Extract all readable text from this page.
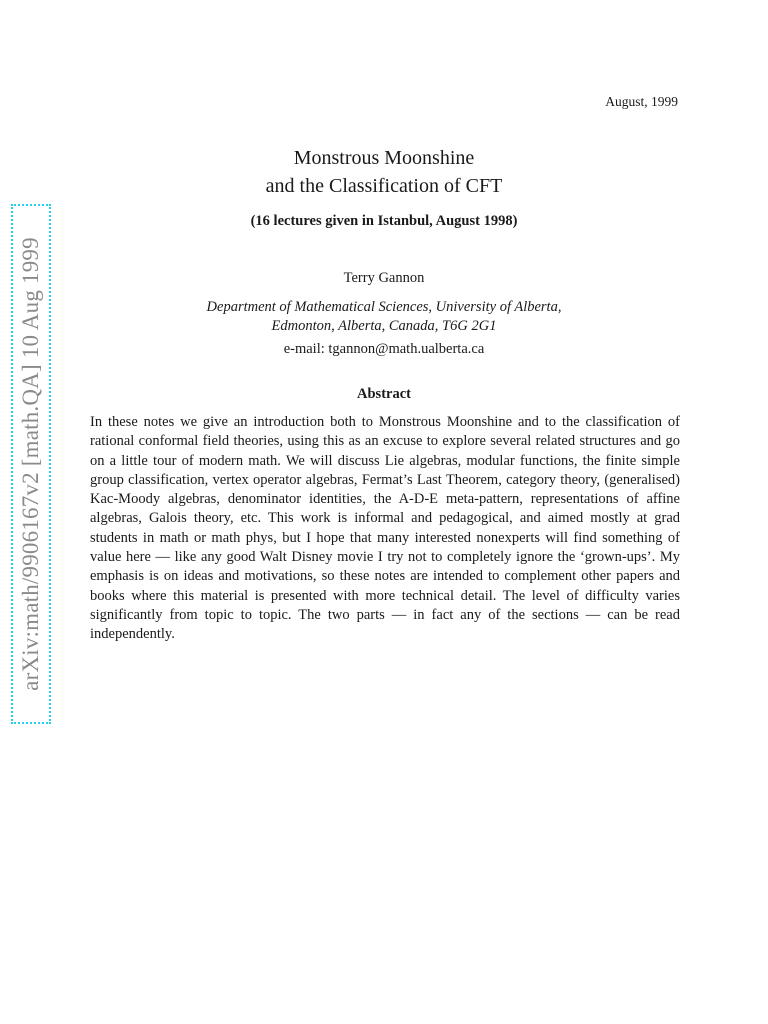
arXiv:math/9906167v2 [math.QA] 10 Aug 1999
August, 1999
Monstrous Moonshine
and the Classification of CFT
(16 lectures given in Istanbul, August 1998)
Terry Gannon
Department of Mathematical Sciences, University of Alberta,
Edmonton, Alberta, Canada, T6G 2G1
e-mail: tgannon@math.ualberta.ca
Abstract
In these notes we give an introduction both to Monstrous Moonshine and to the classification of rational conformal field theories, using this as an excuse to explore several related structures and go on a little tour of modern math. We will discuss Lie algebras, modular functions, the finite simple group classification, vertex operator algebras, Fermat’s Last Theorem, category theory, (generalised) Kac-Moody algebras, denominator identities, the A-D-E meta-pattern, representations of affine algebras, Galois theory, etc. This work is informal and pedagogical, and aimed mostly at grad students in math or math phys, but I hope that many interested nonexperts will find something of value here — like any good Walt Disney movie I try not to completely ignore the ‘grown-ups’. My emphasis is on ideas and motivations, so these notes are intended to complement other papers and books where this material is presented with more technical detail. The level of difficulty varies significantly from topic to topic. The two parts — in fact any of the sections — can be read independently.
